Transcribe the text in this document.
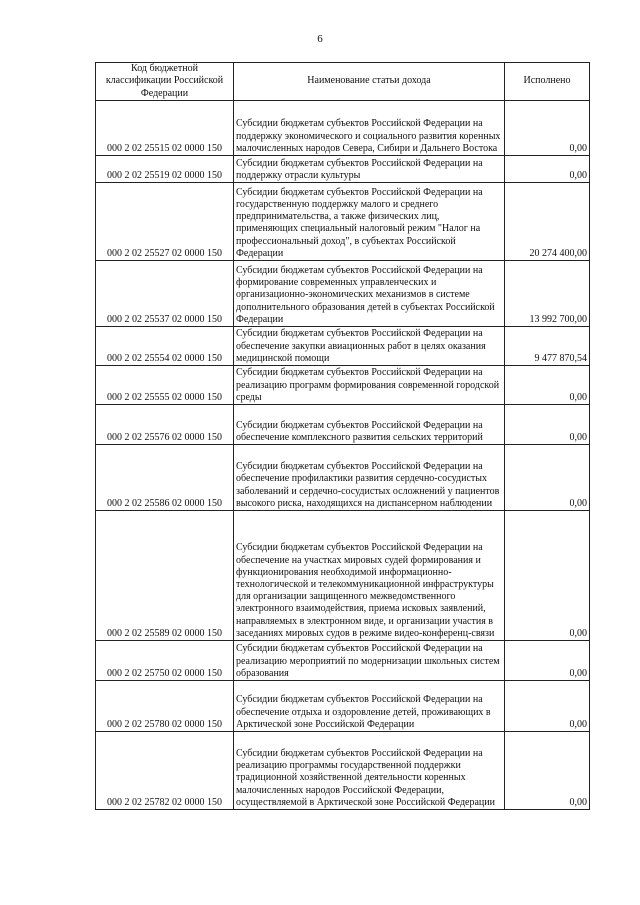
6
Код бюджетной классификации Российской Федерации	Наименование статьи дохода	Исполнено
000 2 02 25515 02 0000 150	Субсидии бюджетам субъектов Российской Федерации на поддержку экономического и социального развития коренных малочисленных народов Севера, Сибири и Дальнего Востока	0,00
000 2 02 25519 02 0000 150	Субсидии бюджетам субъектов Российской Федерации на поддержку отрасли культуры	0,00
000 2 02 25527 02 0000 150	Субсидии бюджетам субъектов Российской Федерации на государственную поддержку малого и среднего предпринимательства, а также физических лиц, применяющих специальный налоговый режим "Налог на профессиональный доход", в субъектах Российской Федерации	20 274 400,00
000 2 02 25537 02 0000 150	Субсидии бюджетам субъектов Российской Федерации на формирование современных управленческих и организационно-экономических механизмов в системе дополнительного образования детей в субъектах Российской Федерации	13 992 700,00
000 2 02 25554 02 0000 150	Субсидии бюджетам субъектов Российской Федерации на обеспечение закупки авиационных работ в целях оказания медицинской помощи	9 477 870,54
000 2 02 25555 02 0000 150	Субсидии бюджетам субъектов Российской Федерации на реализацию программ формирования современной городской среды	0,00
000 2 02 25576 02 0000 150	Субсидии бюджетам субъектов Российской Федерации на обеспечение комплексного развития сельских территорий	0,00
000 2 02 25586 02 0000 150	Субсидии бюджетам субъектов Российской Федерации на обеспечение профилактики развития сердечно-сосудистых заболеваний и сердечно-сосудистых осложнений у пациентов высокого риска, находящихся на диспансерном наблюдении	0,00
000 2 02 25589 02 0000 150	Субсидии бюджетам субъектов Российской Федерации на обеспечение на участках мировых судей формирования и функционирования необходимой информационно-технологической и телекоммуникационной инфраструктуры для организации защищенного межведомственного электронного взаимодействия, приема исковых заявлений, направляемых в электронном виде, и организации участия в заседаниях мировых судов в режиме видео-конференц-связи	0,00
000 2 02 25750 02 0000 150	Субсидии бюджетам субъектов Российской Федерации на реализацию мероприятий по модернизации школьных систем образования	0,00
000 2 02 25780 02 0000 150	Субсидии бюджетам субъектов Российской Федерации на обеспечение отдыха и оздоровление детей, проживающих в Арктической зоне Российской Федерации	0,00
000 2 02 25782 02 0000 150	Субсидии бюджетам субъектов Российской Федерации на реализацию программы государственной поддержки традиционной хозяйственной деятельности коренных малочисленных народов Российской Федерации, осуществляемой в Арктической зоне Российской Федерации	0,00
